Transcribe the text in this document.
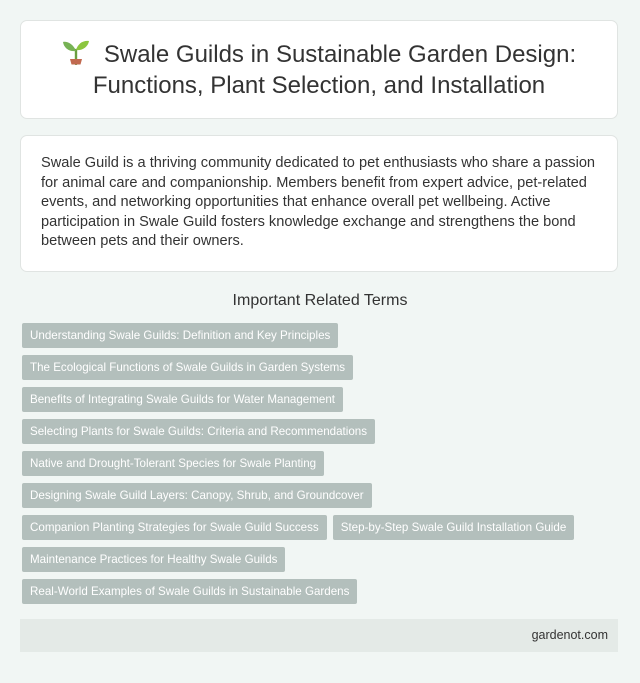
Swale Guilds in Sustainable Garden Design: Functions, Plant Selection, and Installation

Swale Guild is a thriving community dedicated to pet enthusiasts who share a passion for animal care and companionship. Members benefit from expert advice, pet-related events, and networking opportunities that enhance overall pet wellbeing. Active participation in Swale Guild fosters knowledge exchange and strengthens the bond between pets and their owners.

Important Related Terms
Understanding Swale Guilds: Definition and Key Principles
The Ecological Functions of Swale Guilds in Garden Systems
Benefits of Integrating Swale Guilds for Water Management
Selecting Plants for Swale Guilds: Criteria and Recommendations
Native and Drought-Tolerant Species for Swale Planting
Designing Swale Guild Layers: Canopy, Shrub, and Groundcover
Companion Planting Strategies for Swale Guild Success	Step-by-Step Swale Guild Installation Guide
Maintenance Practices for Healthy Swale Guilds
Real-World Examples of Swale Guilds in Sustainable Gardens
gardenot.com
